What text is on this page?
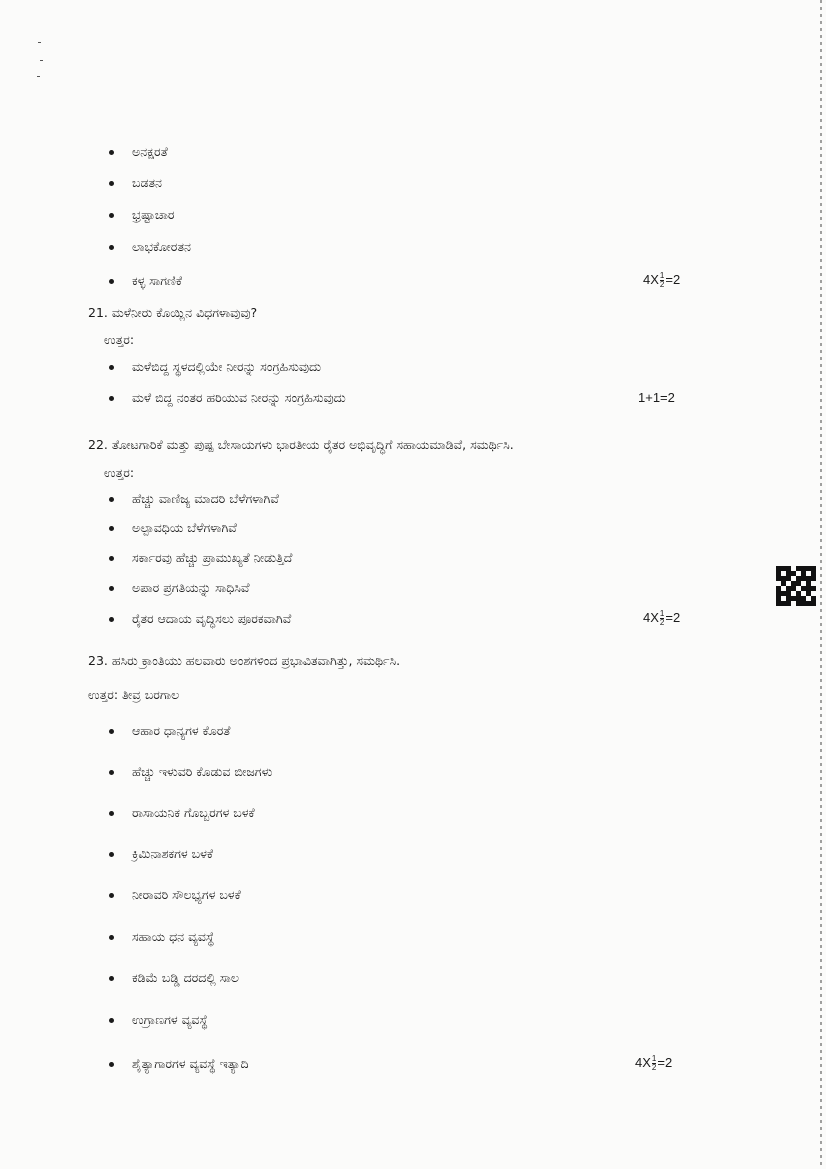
ಅನಕ್ಷರತೆ
ಬಡತನ
ಭ್ರಷ್ಟಾಚಾರ
ಲಾಭಕೋರತನ
ಕಳ್ಳ ಸಾಗಣಿಕೆ	$4X \frac{1}{2} =2$
21. ಮಳೆನೀರು ಕೊಯ್ಲಿನ ವಿಧಗಳಾವುವು?
ಉತ್ತರ:
ಮಳೆಬಿದ್ದ ಸ್ಥಳದಲ್ಲಿಯೇ ನೀರನ್ನು ಸಂಗ್ರಹಿಸುವುದು
ಮಳೆ ಬಿದ್ದ ನಂತರ ಹರಿಯುವ ನೀರನ್ನು ಸಂಗ್ರಹಿಸುವುದು	1+1=2
22. ತೋಟಗಾರಿಕೆ ಮತ್ತು ಪುಷ್ಪ ಬೇಸಾಯಗಳು ಭಾರತೀಯ ರೈತರ ಅಭಿವೃದ್ಧಿಗೆ ಸಹಾಯಮಾಡಿವೆ, ಸಮರ್ಥಿಸಿ.
ಉತ್ತರ:
ಹೆಚ್ಚು ವಾಣಿಜ್ಯ ಮಾದರಿ ಬೆಳೆಗಳಾಗಿವೆ
ಅಲ್ಪಾವಧಿಯ ಬೆಳೆಗಳಾಗಿವೆ
ಸರ್ಕಾರವು ಹೆಚ್ಚು ಪ್ರಾಮುಖ್ಯತೆ ನೀಡುತ್ತಿದೆ
ಅಪಾರ ಪ್ರಗತಿಯನ್ನು ಸಾಧಿಸಿವೆ
ರೈತರ ಆದಾಯ ವೃದ್ಧಿಸಲು ಪೂರಕವಾಗಿವೆ	$4X \frac{1}{2} =2$
23. ಹಸಿರು ಕ್ರಾಂತಿಯು ಹಲವಾರು ಅಂಶಗಳಿಂದ ಪ್ರಭಾವಿತವಾಗಿತ್ತು, ಸಮರ್ಥಿಸಿ.
ಉತ್ತರ: ತೀವ್ರ ಬರಗಾಲ
ಆಹಾರ ಧಾನ್ಯಗಳ ಕೊರತೆ
ಹೆಚ್ಚು ಇಳುವರಿ ಕೊಡುವ ಬೀಜಗಳು
ರಾಸಾಯನಿಕ ಗೊಬ್ಬರಗಳ ಬಳಕೆ
ಕ್ರಿಮಿನಾಶಕಗಳ ಬಳಕೆ
ನೀರಾವರಿ ಸೌಲಭ್ಯಗಳ ಬಳಕೆ
ಸಹಾಯ ಧನ ವ್ಯವಸ್ಥೆ
ಕಡಿಮೆ ಬಡ್ಡಿ ದರದಲ್ಲಿ ಸಾಲ
ಉಗ್ರಾಣಗಳ ವ್ಯವಸ್ಥೆ
ಶೈತ್ಯಾಗಾರಗಳ ವ್ಯವಸ್ಥೆ ಇತ್ಯಾದಿ	$4X \frac{1}{2} =2$
